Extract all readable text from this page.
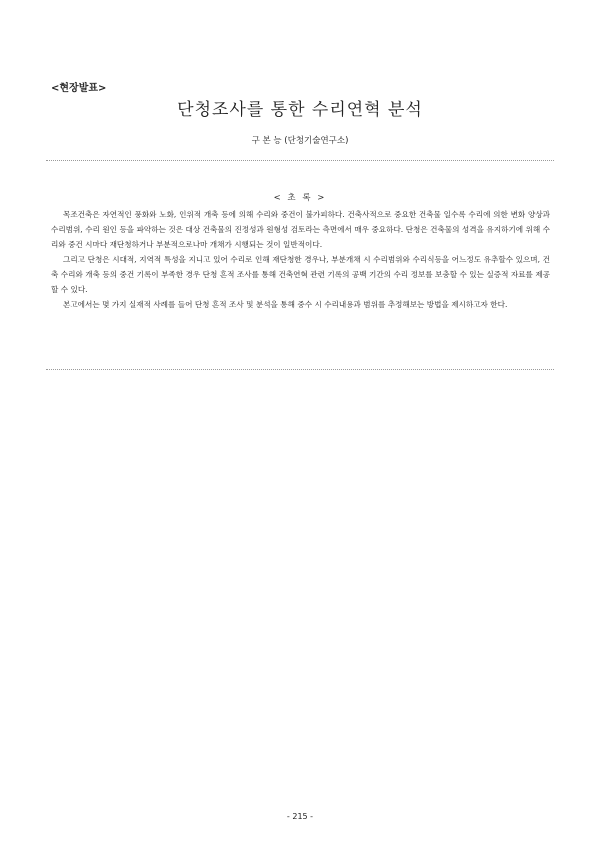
<현장발표>
단청조사를 통한 수리연혁 분석
구 본 능 (단청기술연구소)
< 초 록 >

목조건축은 자연적인 풍화와 노화, 인위적 개축 등에 의해 수리와 중건이 불가피하다. 건축사적으로 중요한 건축물 일수록 수리에 의한 변화 양상과 수리범위, 수리 원인 등을 파악하는 것은 대상 건축물의 진정성과 원형성 검토라는 측면에서 매우 중요하다. 단청은 건축물의 성격을 유지하기에 위해 수리와 중건 시마다 재단청하거나 부분적으로나마 개채가 시행되는 것이 일반적이다.

그리고 단청은 시대적, 지역적 특성을 지니고 있어 수리로 인해 재단청한 경우나, 부분개채 시 수리범위와 수리식등을 어느정도 유추할수 있으며, 건축 수리와 개축 등의 중건 기록이 부족한 경우 단청 흔적 조사를 통해 건축연혁 관련 기록의 공백 기간의 수리 정보를 보충할 수 있는 실증적 자료를 제공할 수 있다.

본고에서는 몇 가지 실재적 사례를 들어 단청 흔적 조사 및 분석을 통해 중수 시 수리내용과 범위를 추정해보는 방법을 제시하고자 한다.

- 215 -
